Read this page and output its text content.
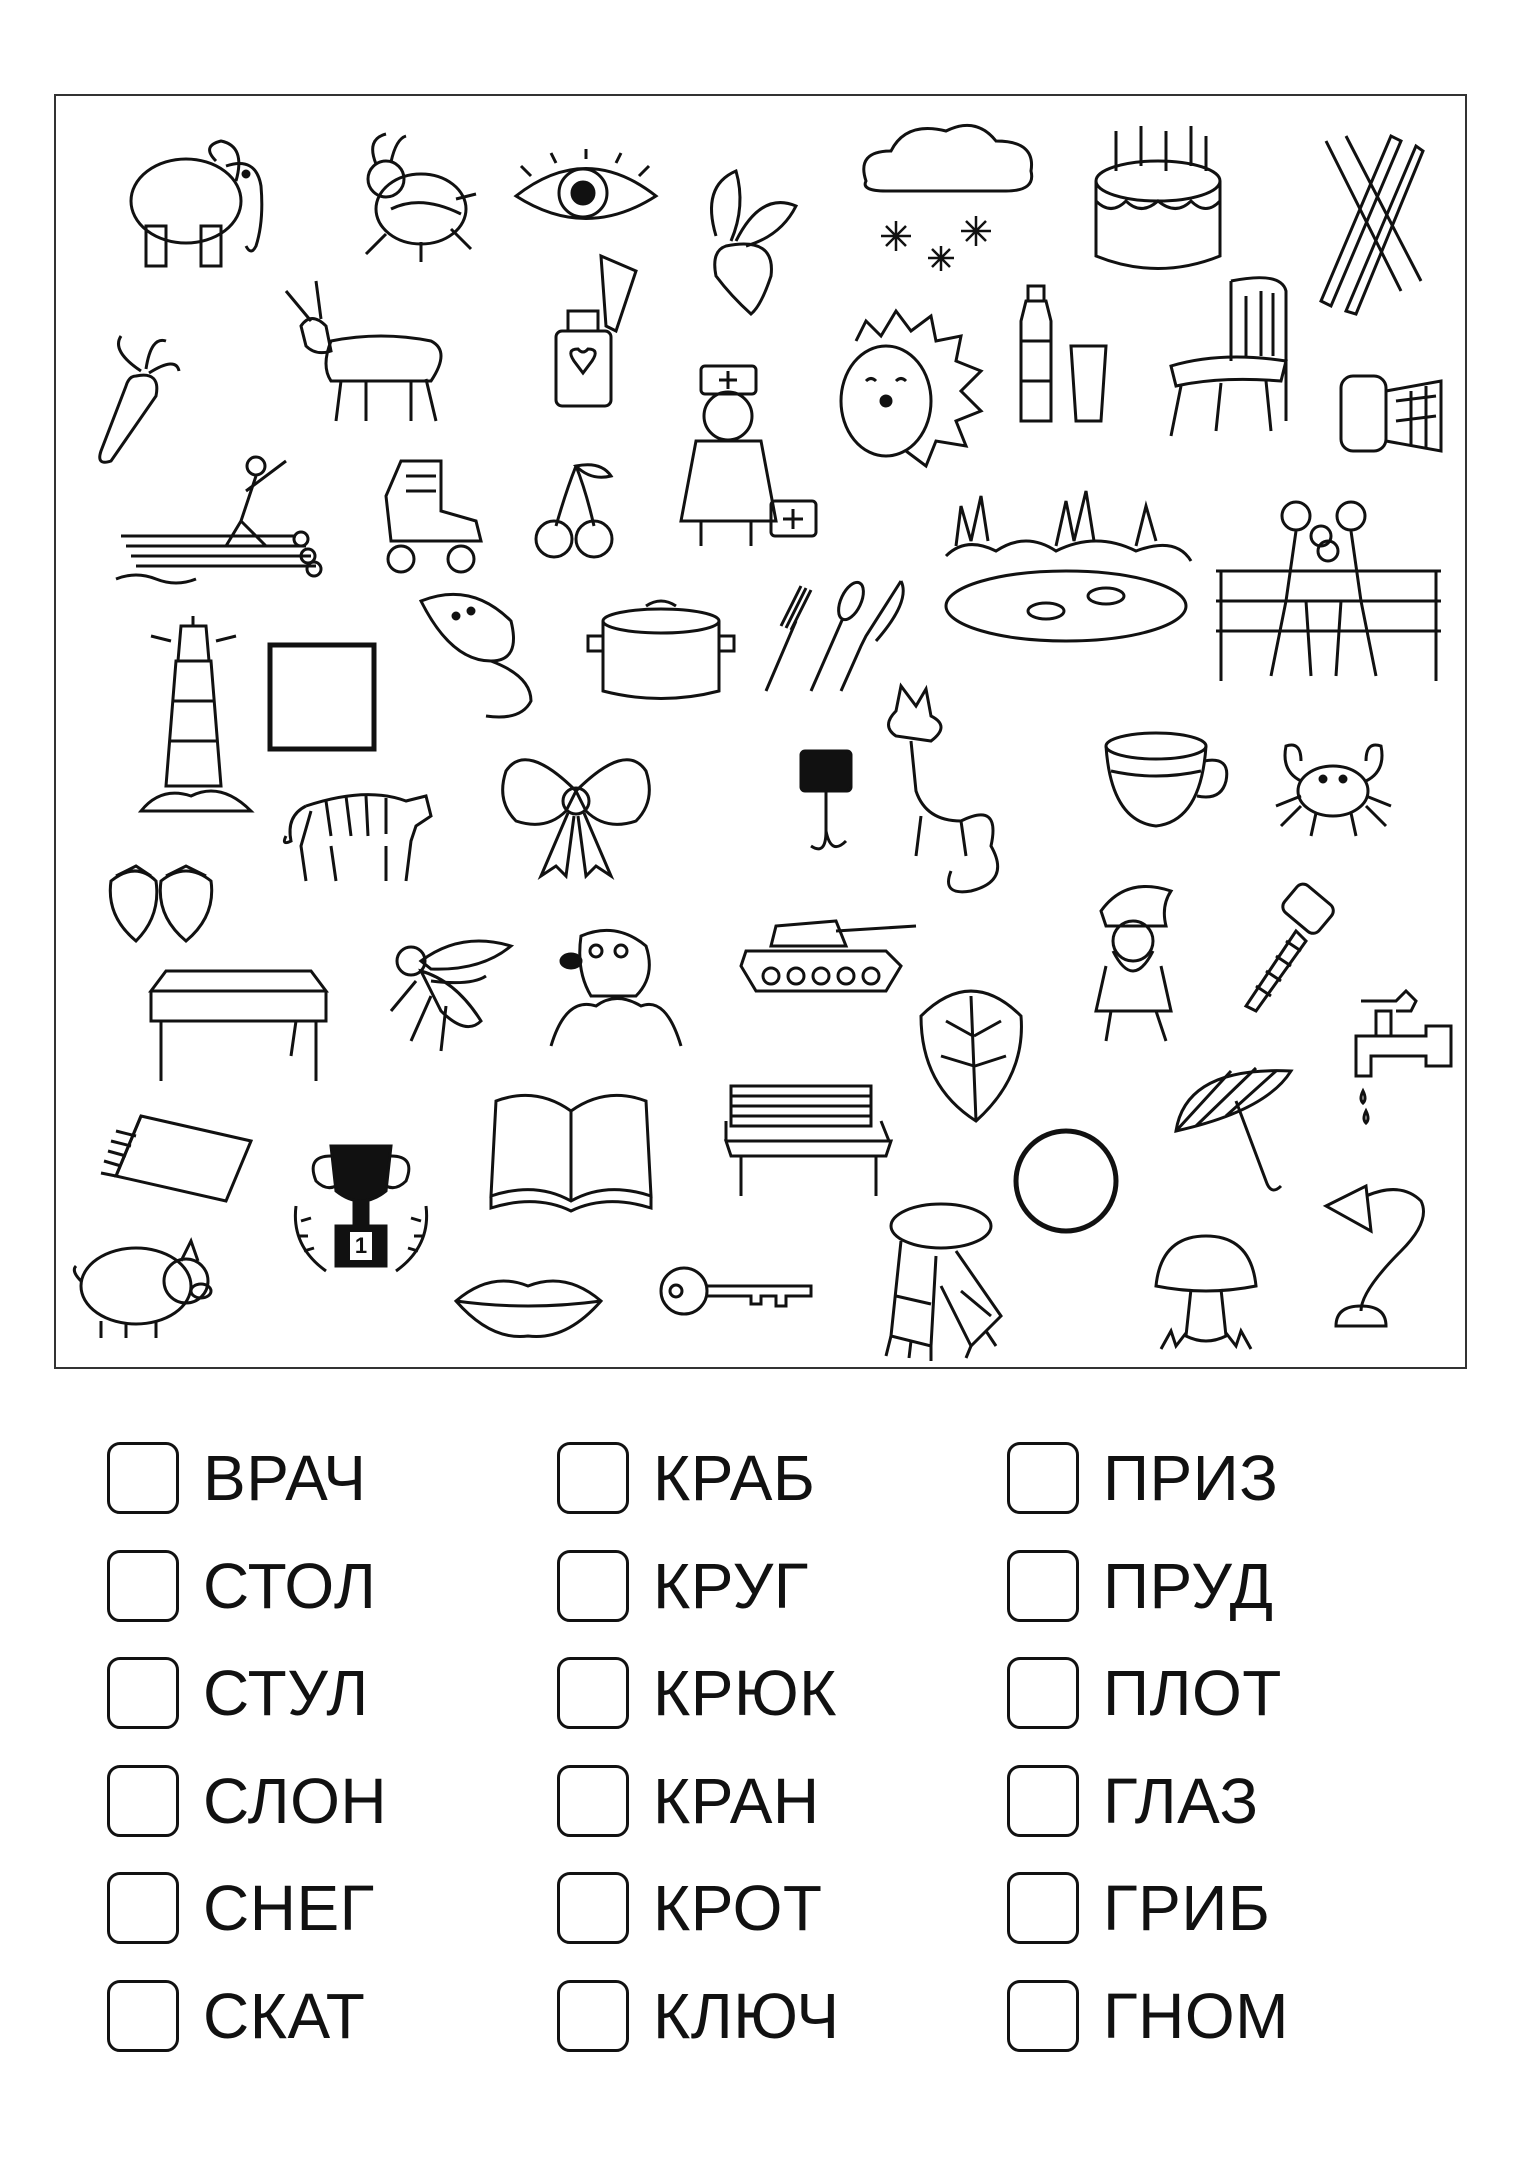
1
ВРАЧ
СТОЛ
СТУЛ
СЛОН
СНЕГ
СКАТ
КРАБ
КРУГ
КРЮК
КРАН
КРОТ
КЛЮЧ
ПРИЗ
ПРУД
ПЛОТ
ГЛАЗ
ГРИБ
ГНОМ
